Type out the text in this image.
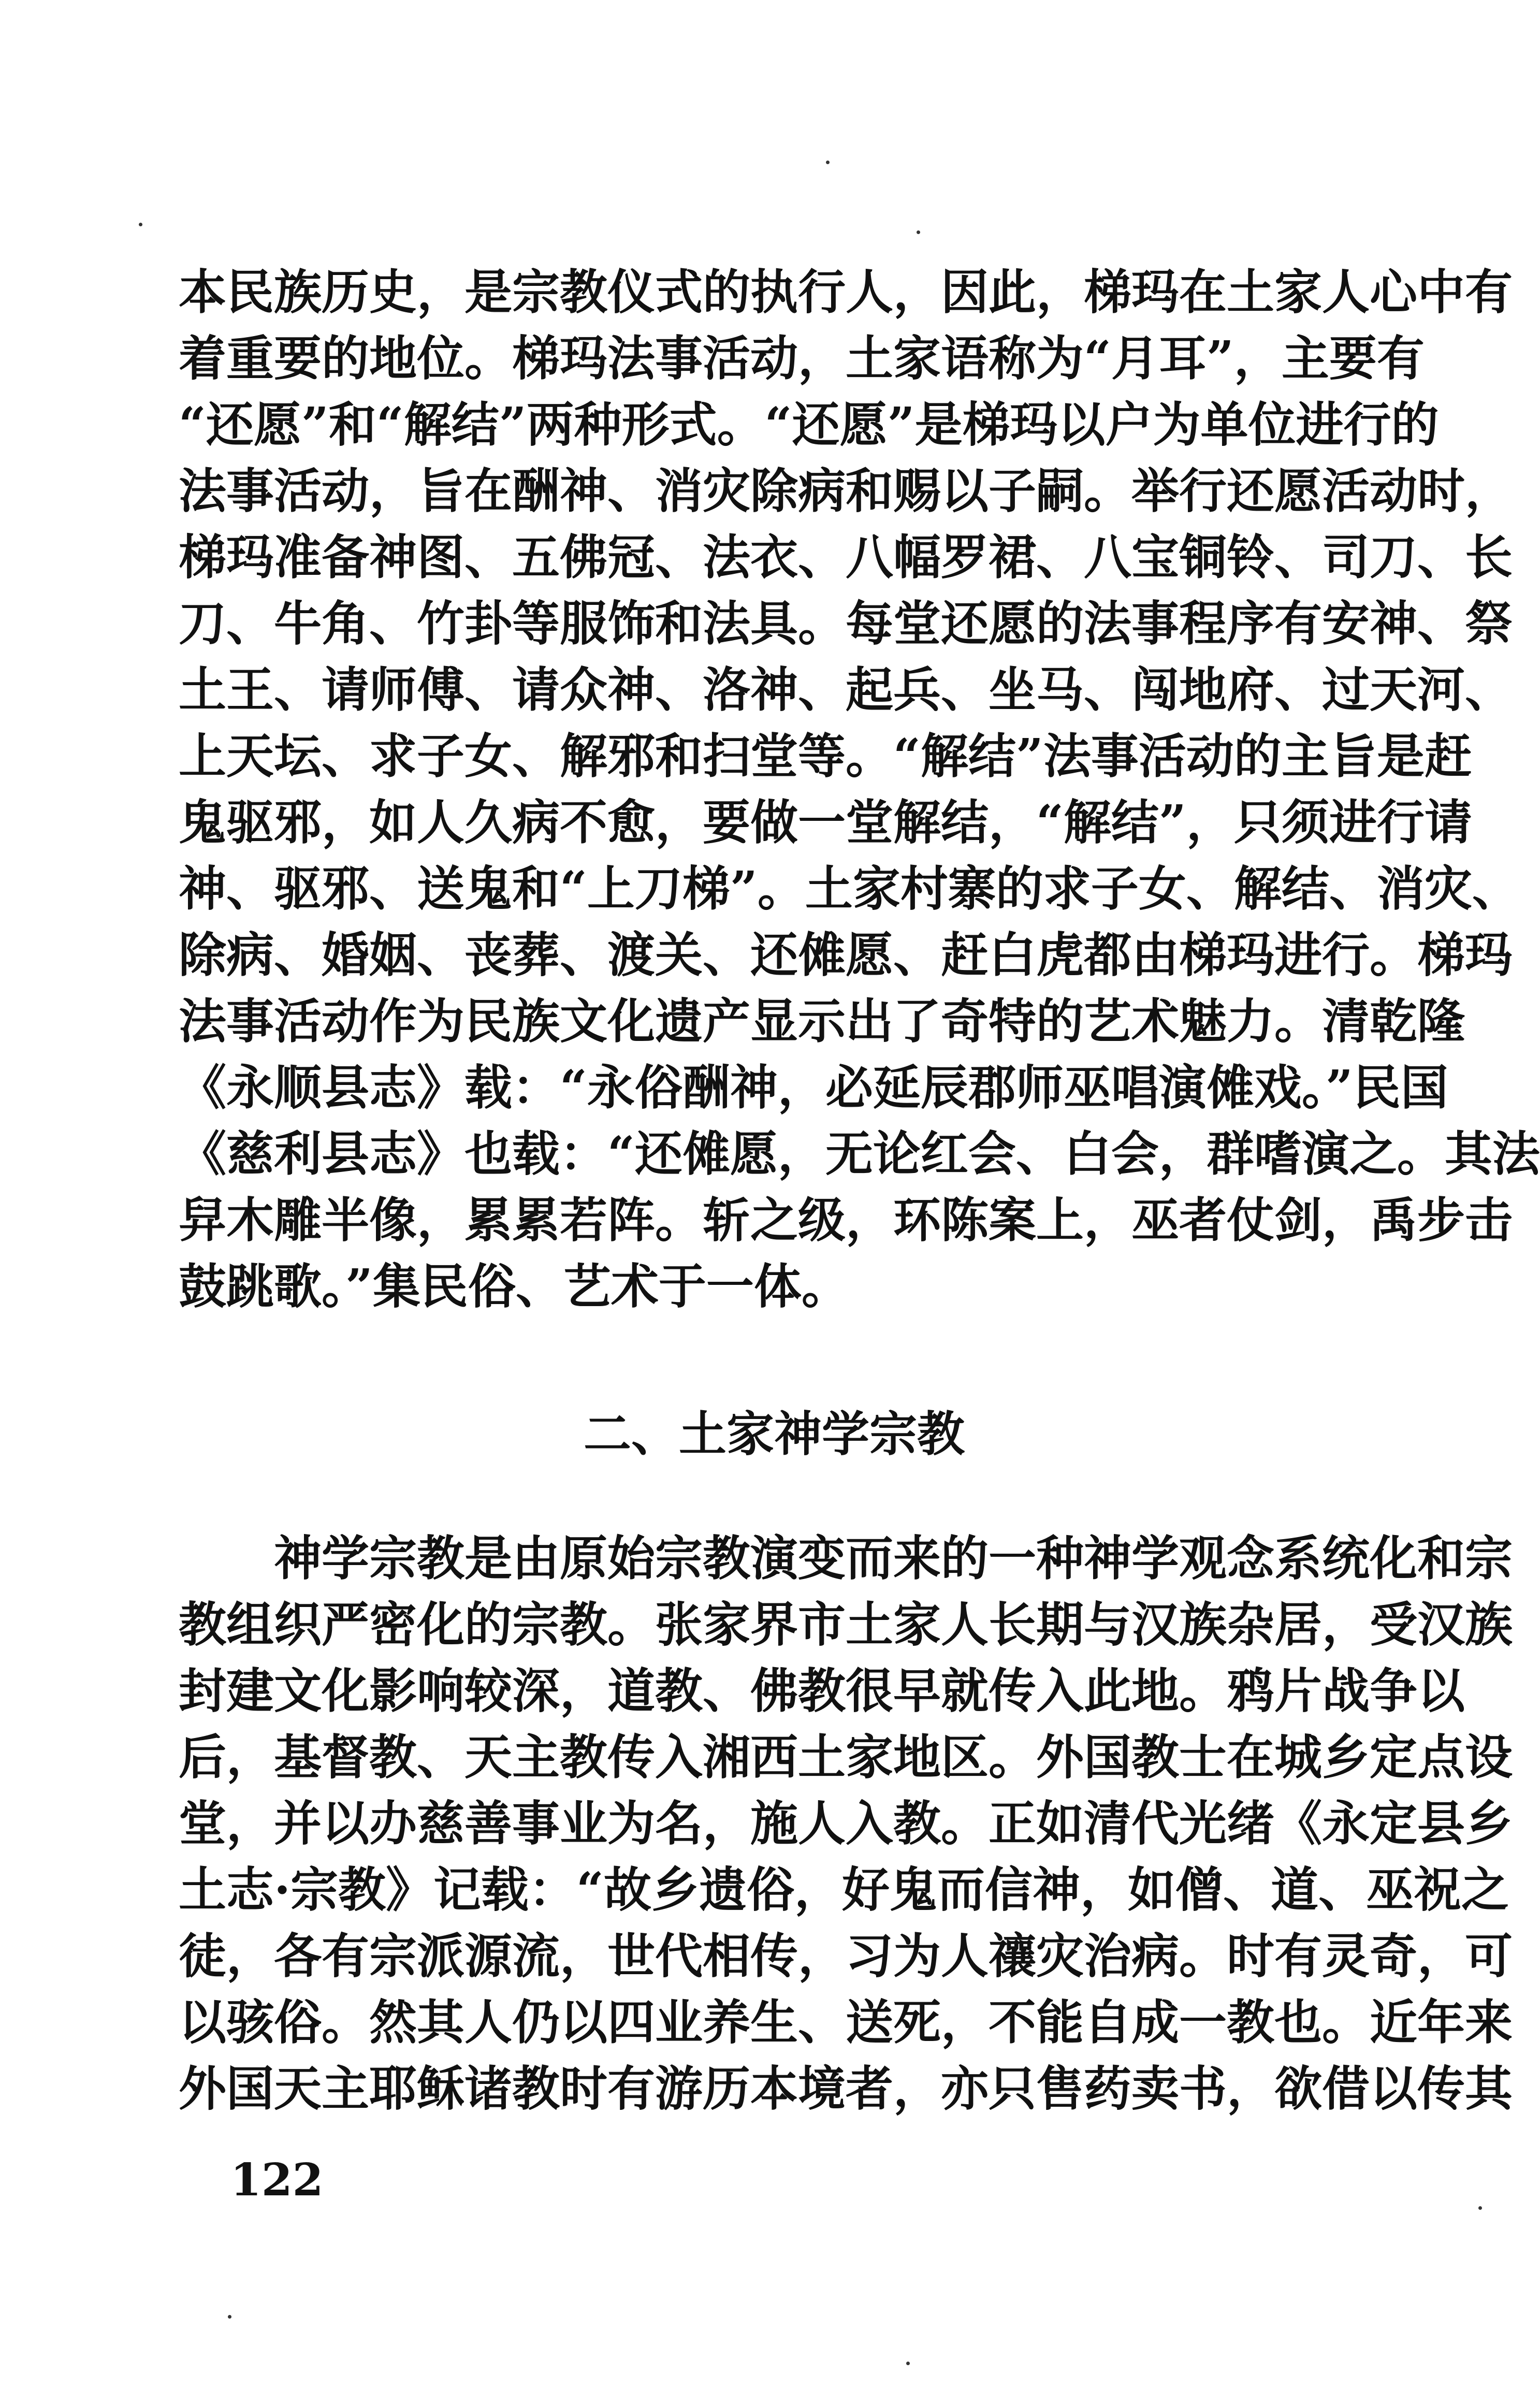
本民族历史，是宗教仪式的执行人，因此，梯玛在土家人心中有
着重要的地位。梯玛法事活动，土家语称为“月耳”，主要有
“还愿”和“解结”两种形式。“还愿”是梯玛以户为单位进行的
法事活动，旨在酬神、消灾除病和赐以子嗣。举行还愿活动时，
梯玛准备神图、五佛冠、法衣、八幅罗裙、八宝铜铃、司刀、长
刀、牛角、竹卦等服饰和法具。每堂还愿的法事程序有安神、祭
土王、请师傅、请众神、洛神、起兵、坐马、闯地府、过天河、
上天坛、求子女、解邪和扫堂等。“解结”法事活动的主旨是赶
鬼驱邪，如人久病不愈，要做一堂解结，“解结”，只须进行请
神、驱邪、送鬼和“上刀梯”。土家村寨的求子女、解结、消灾、
除病、婚姻、丧葬、渡关、还傩愿、赶白虎都由梯玛进行。梯玛
法事活动作为民族文化遗产显示出了奇特的艺术魅力。清乾隆
《永顺县志》载：“永俗酬神，必延辰郡师巫唱演傩戏。”民国
《慈利县志》也载：“还傩愿，无论红会、白会，群嗜演之。其法
舁木雕半像，累累若阵。斩之级，环陈案上，巫者仗剑，禹步击
鼓跳歌。”集民俗、艺术于一体。
二、土家神学宗教
神学宗教是由原始宗教演变而来的一种神学观念系统化和宗
教组织严密化的宗教。张家界市土家人长期与汉族杂居，受汉族
封建文化影响较深，道教、佛教很早就传入此地。鸦片战争以
后，基督教、天主教传入湘西土家地区。外国教士在城乡定点设
堂，并以办慈善事业为名，施人入教。正如清代光绪《永定县乡
土志·宗教》记载：“故乡遗俗，好鬼而信神，如僧、道、巫祝之
徒，各有宗派源流，世代相传，习为人禳灾治病。时有灵奇，可
以骇俗。然其人仍以四业养生、送死，不能自成一教也。近年来
外国天主耶稣诸教时有游历本境者，亦只售药卖书，欲借以传其
122
